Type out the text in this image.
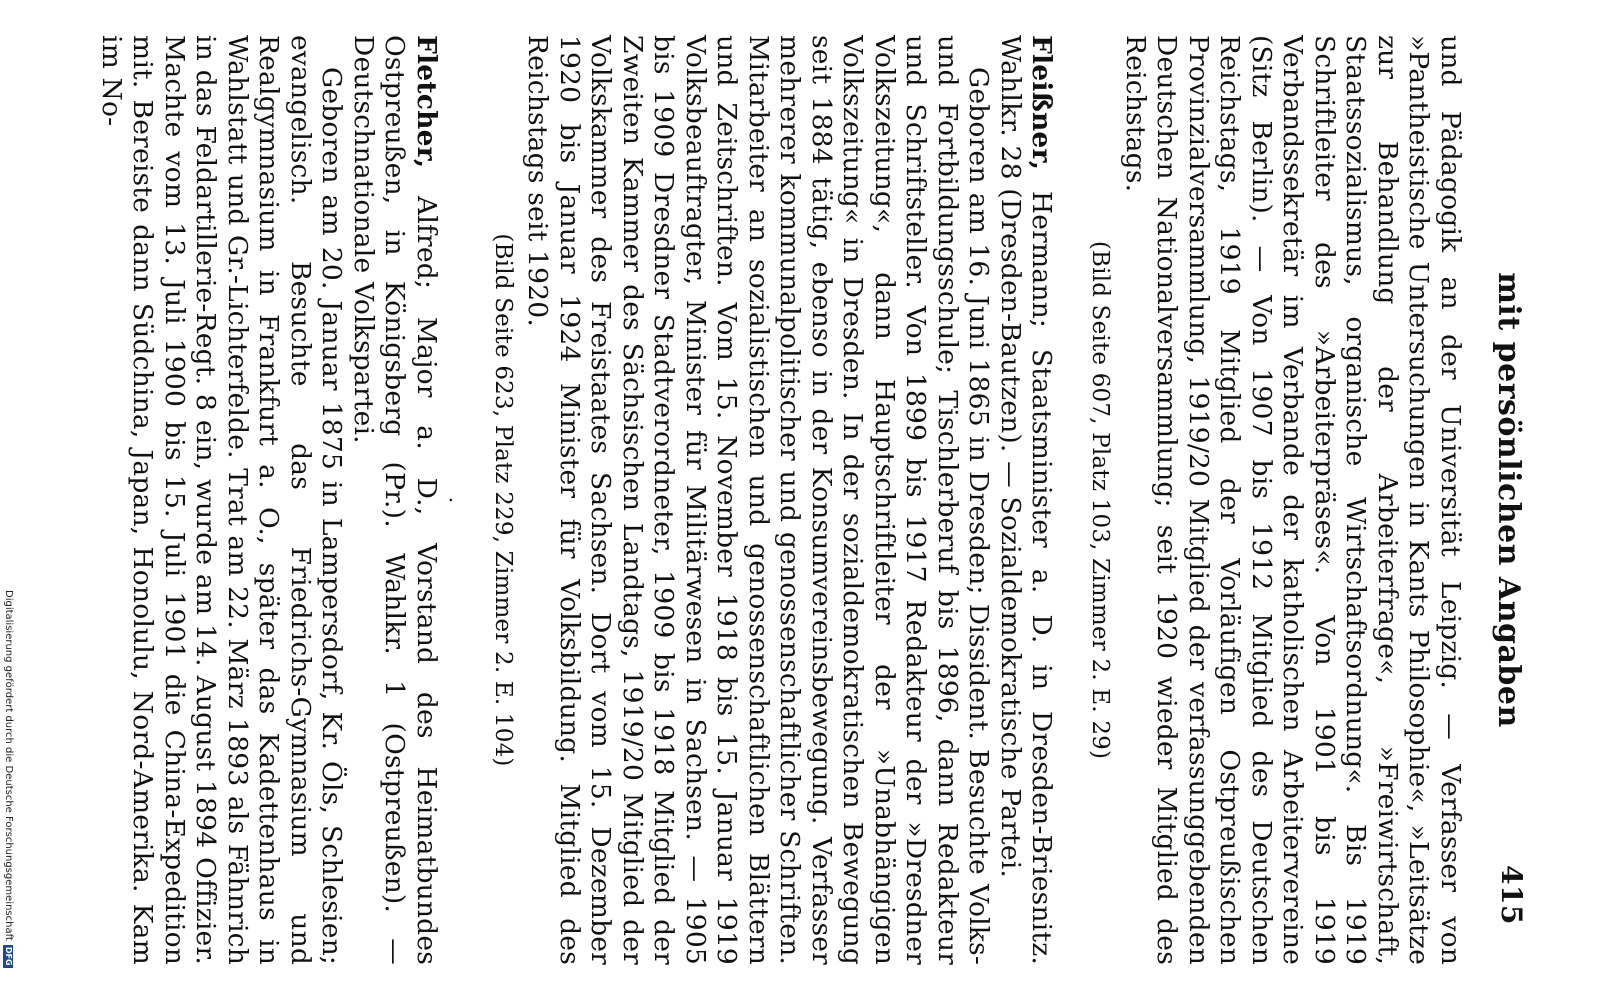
Digitalisierung gefördert durch die Deutsche Forschungsgemeinschaft
DFG
mit persönlichen Angaben
415

und Pädagogik an der Universität Leipzig. — Verfasser von »Pantheistische Untersuchungen in Kants Philosophie«, »Leitsätze zur Behandlung der Arbeiterfrage«, »Freiwirtschaft, Staatssozialismus, organische Wirtschaftsordnung«. Bis 1919 Schriftleiter des »Arbeiterpräses«. Von 1901 bis 1919 Verbandssekretär im Verbande der katholischen Arbeitervereine (Sitz Berlin). — Von 1907 bis 1912 Mitglied des Deutschen Reichstags, 1919 Mitglied der Vorläufigen Ostpreußischen Provinzialversammlung, 1919/20 Mitglied der verfassunggebenden Deutschen Nationalversammlung; seit 1920 wieder Mitglied des Reichstags.

(Bild Seite 607, Platz 103, Zimmer 2. E. 29)

Fleißner, Hermann; Staatsminister a. D. in Dresden-Briesnitz. Wahlkr. 28 (Dresden-Bautzen). — Sozialdemokratische Partei.

Geboren am 16. Juni 1865 in Dresden; Dissident. Besuchte Volks- und Fortbildungsschule; Tischlerberuf bis 1896, dann Redakteur und Schriftsteller. Von 1899 bis 1917 Redakteur der »Dresdner Volkszeitung«, dann Hauptschriftleiter der »Unabhängigen Volkszeitung« in Dresden. In der sozialdemokratischen Bewegung seit 1884 tätig, ebenso in der Konsumvereinsbewegung. Verfasser mehrerer kommunalpolitischer und genossenschaftlicher Schriften. Mitarbeiter an sozialistischen und genossenschaftlichen Blättern und Zeitschriften. Vom 15. November 1918 bis 15. Januar 1919 Volksbeauftragter, Minister für Militärwesen in Sachsen. — 1905 bis 1909 Dresdner Stadtverordneter, 1909 bis 1918 Mitglied der Zweiten Kammer des Sächsischen Landtags, 1919/20 Mitglied der Volkskammer des Freistaates Sachsen. Dort vom 15. Dezember 1920 bis Januar 1924 Minister für Volksbildung. Mitglied des Reichstags seit 1920.

(Bild Seite 623, Platz 229, Zimmer 2. E. 104)
·

Fletcher, Alfred; Major a. D., Vorstand des Heimatbundes Ostpreußen, in Königsberg (Pr.). Wahlkr. 1 (Ostpreußen). — Deutschnationale Volkspartei.

Geboren am 20. Januar 1875 in Lampersdorf, Kr. Öls, Schlesien; evangelisch. Besuchte das Friedrichs-Gymnasium und Realgymnasium in Frankfurt a. O., später das Kadettenhaus in Wahlstatt und Gr.-Lichterfelde. Trat am 22. März 1893 als Fähnrich in das Feldartillerie-Regt. 8 ein, wurde am 14. August 1894 Offizier. Machte vom 13. Juli 1900 bis 15. Juli 1901 die China-Expedition mit. Bereiste dann Südchina, Japan, Honolulu, Nord-Amerika. Kam im No-
